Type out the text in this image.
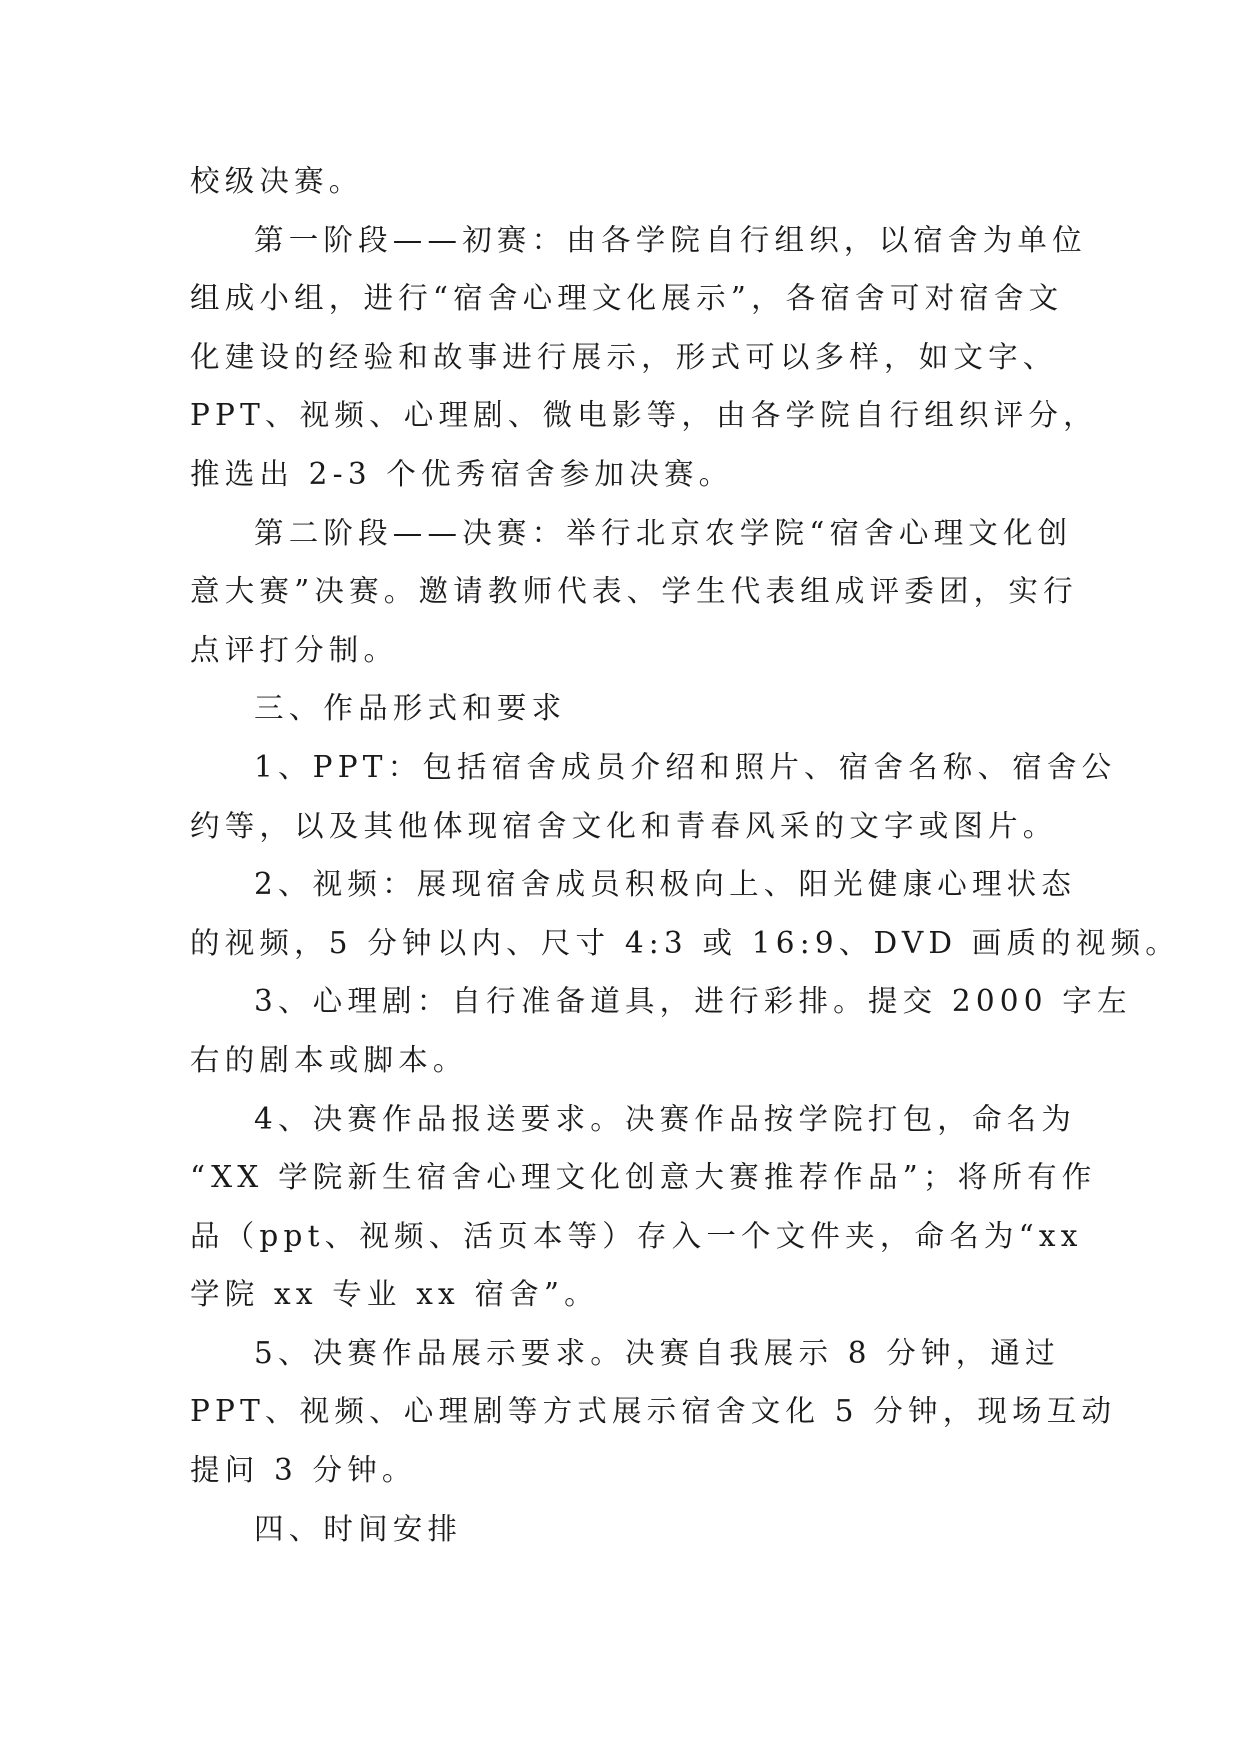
校级决赛。
第一阶段——初赛：由各学院自行组织，以宿舍为单位
组成小组，进行“宿舍心理文化展示”，各宿舍可对宿舍文
化建设的经验和故事进行展示，形式可以多样，如文字、
PPT、视频、心理剧、微电影等，由各学院自行组织评分，
推选出 2-3 个优秀宿舍参加决赛。
第二阶段——决赛：举行北京农学院“宿舍心理文化创
意大赛”决赛。邀请教师代表、学生代表组成评委团，实行
点评打分制。
三、作品形式和要求
1、PPT：包括宿舍成员介绍和照片、宿舍名称、宿舍公
约等，以及其他体现宿舍文化和青春风采的文字或图片。
2、视频：展现宿舍成员积极向上、阳光健康心理状态
的视频，5 分钟以内、尺寸 4:3 或 16:9、DVD 画质的视频。
3、心理剧：自行准备道具，进行彩排。提交 2000 字左
右的剧本或脚本。
4、决赛作品报送要求。决赛作品按学院打包，命名为
“XX 学院新生宿舍心理文化创意大赛推荐作品”；将所有作
品（ppt、视频、活页本等）存入一个文件夹，命名为“xx
学院 xx 专业 xx 宿舍”。
5、决赛作品展示要求。决赛自我展示 8 分钟，通过
PPT、视频、心理剧等方式展示宿舍文化 5 分钟，现场互动
提问 3 分钟。
四、时间安排
